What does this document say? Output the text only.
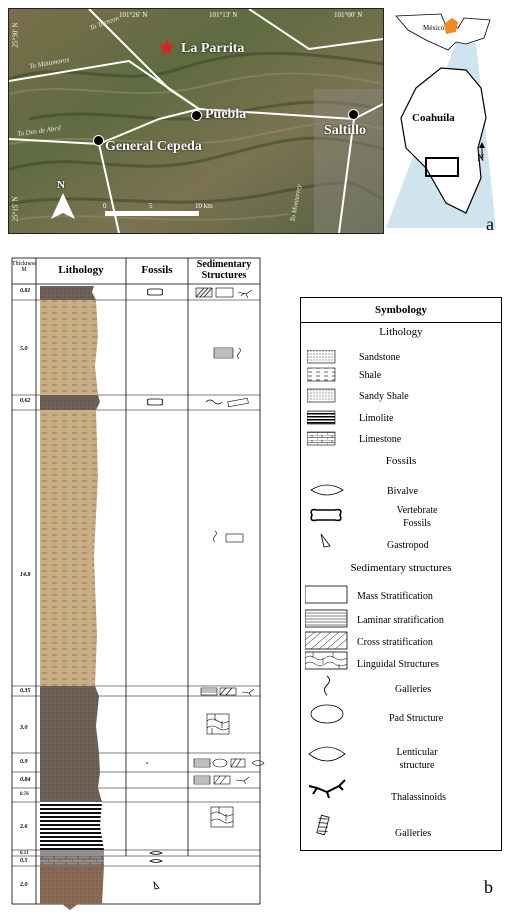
101°26' N	101°13' N	101°00' N
25°30' N
25°15' N
To Torreon
To Matamoros
To Dos de Abril
To Monterrey
★ La Parrita
Puebla
General Cepeda
Saltillo
N
0	5	10 km
México
Coahuila
N
a
Thickness M	Lithology	Fossils	Sedimentary Structures
0.81
5.0
0.62
14.8
0.35
3.0
0.9
0.84
0.76
2.6
0.11
0.5
2.0
Symbology
Lithology
Sandstone
Shale
Sandy Shale
Limolite
Limestone
Fossils
Bivalve
Vertebrate Fossils
Gastropod
Sedimentary structures
Mass Stratification
Laminar stratification
Cross stratification
Linguidal Structures
Galleries
Pad Structure
Lenticular structure
Thalassinoids
Galleries
b
